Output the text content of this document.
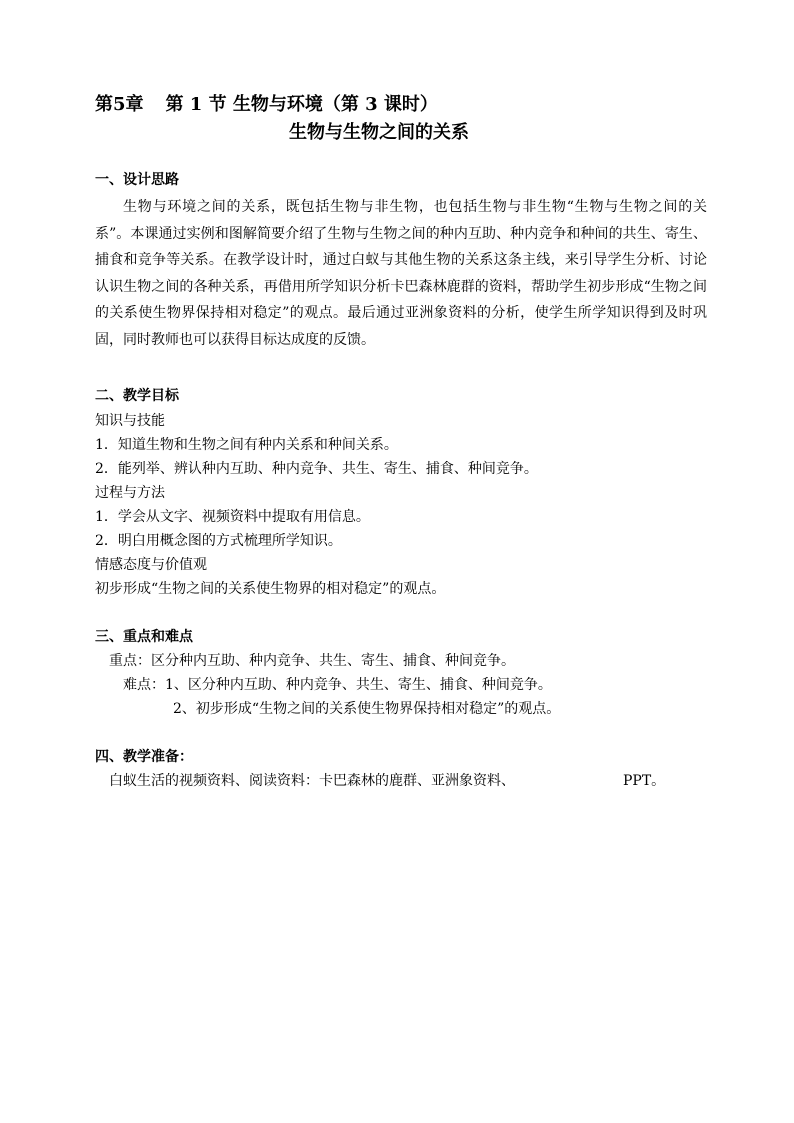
第5章 第 1 节 生物与环境（第 3 课时）
生物与生物之间的关系
一、设计思路
生物与环境之间的关系，既包括生物与非生物，也包括生物与非生物“生物与生物之间的关系”。本课通过实例和图解简要介绍了生物与生物之间的种内互助、种内竞争和种间的共生、寄生、捕食和竞争等关系。在教学设计时，通过白蚁与其他生物的关系这条主线，来引导学生分析、讨论认识生物之间的各种关系，再借用所学知识分析卡巴森林鹿群的资料，帮助学生初步形成“生物之间的关系使生物界保持相对稳定”的观点。最后通过亚洲象资料的分析，使学生所学知识得到及时巩固，同时教师也可以获得目标达成度的反馈。
二、教学目标
知识与技能
1．知道生物和生物之间有种内关系和种间关系。
2．能列举、辨认种内互助、种内竞争、共生、寄生、捕食、种间竞争。
过程与方法
1．学会从文字、视频资料中提取有用信息。
2．明白用概念图的方式梳理所学知识。
情感态度与价值观
初步形成“生物之间的关系使生物界的相对稳定”的观点。
三、重点和难点
重点：区分种内互助、种内竞争、共生、寄生、捕食、种间竞争。
难点：1、区分种内互助、种内竞争、共生、寄生、捕食、种间竞争。
2、初步形成“生物之间的关系使生物界保持相对稳定”的观点。
四、教学准备：
白蚁生活的视频资料、阅读资料：卡巴森林的鹿群、亚洲象资料、	PPT。
